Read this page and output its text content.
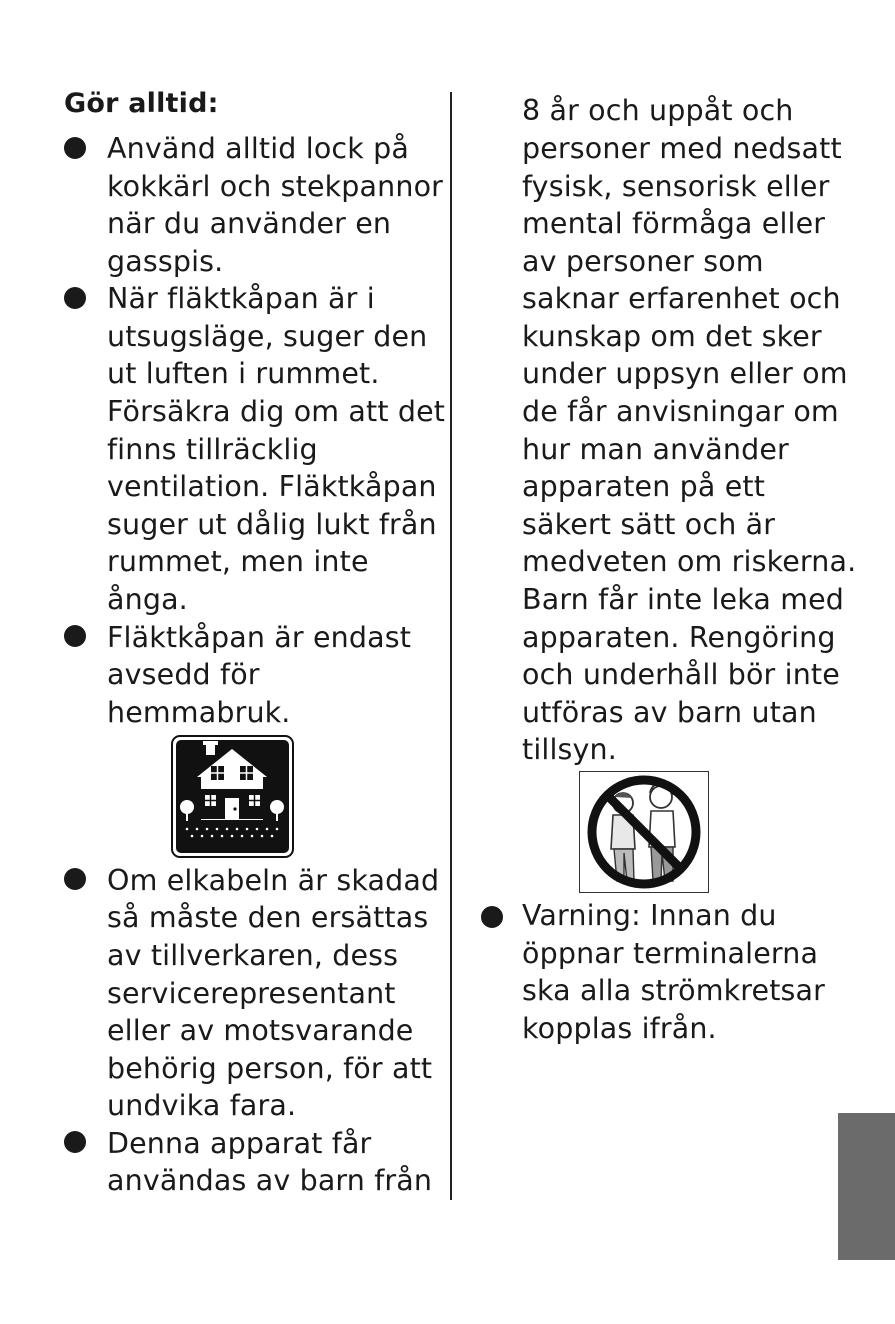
Gör alltid:
Använd alltid lock på
kokkärl och stekpannor
när du använder en
gasspis.
När fläktkåpan är i
utsugsläge, suger den
ut luften i rummet.
Försäkra dig om att det
finns tillräcklig
ventilation. Fläktkåpan
suger ut dålig lukt från
rummet, men inte
ånga.
Fläktkåpan är endast
avsedd för
hemmabruk.
Om elkabeln är skadad
så måste den ersättas
av tillverkaren, dess
servicerepresentant
eller av motsvarande
behörig person, för att
undvika fara.
Denna apparat får
användas av barn från
8 år och uppåt och
personer med nedsatt
fysisk, sensorisk eller
mental förmåga eller
av personer som
saknar erfarenhet och
kunskap om det sker
under uppsyn eller om
de får anvisningar om
hur man använder
apparaten på ett
säkert sätt och är
medveten om riskerna.
Barn får inte leka med
apparaten. Rengöring
och underhåll bör inte
utföras av barn utan
tillsyn.
Varning: Innan du
öppnar terminalerna
ska alla strömkretsar
kopplas ifrån.
